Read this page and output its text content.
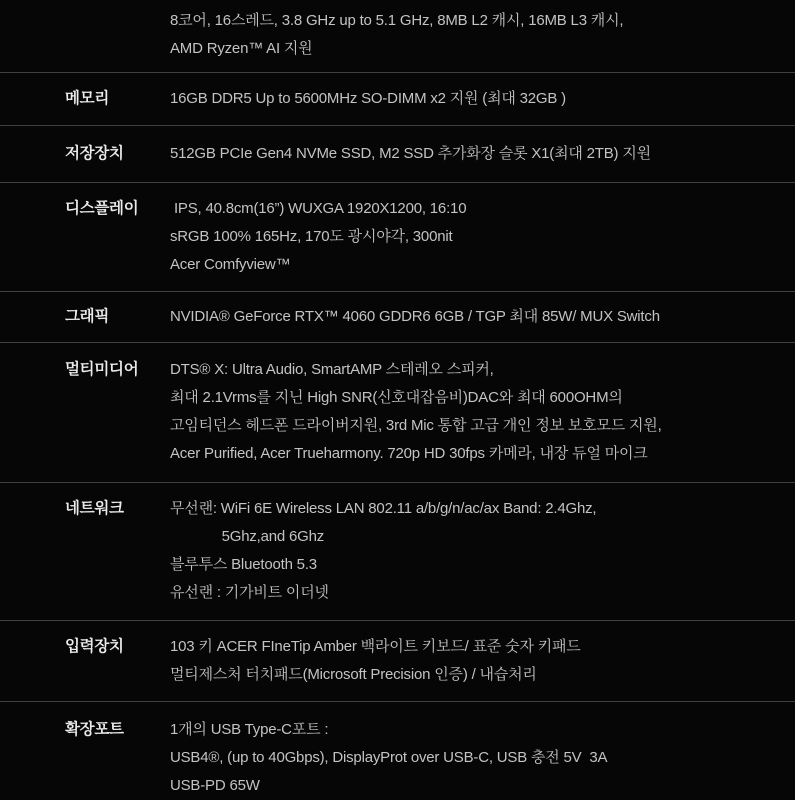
8코어, 16스레드, 3.8 GHz up to 5.1 GHz, 8MB L2 캐시, 16MB L3 캐시,
AMD Ryzen™ AI 지원
메모리	16GB DDR5 Up to 5600MHz SO-DIMM x2 지원 (최대 32GB )
저장장치	512GB PCIe Gen4 NVMe SSD, M2 SSD 추가화장 슬롯 X1(최대 2TB) 지원
디스플레이	IPS, 40.8cm(16”) WUXGA 1920X1200, 16:10
sRGB 100% 165Hz, 170도 광시야각, 300nit
Acer Comfyview™
그래픽	NVIDIA® GeForce RTX™ 4060 GDDR6 6GB / TGP 최대 85W/ MUX Switch
멀티미디어	DTS® X: Ultra Audio, SmartAMP 스테레오 스피커,
최대 2.1Vrms를 지닌 High SNR(신호대잡음비)DAC와 최대 600OHM의
고임티던스 헤드폰 드라이버지원, 3rd Mic 통합 고급 개인 정보 보호모드 지원,
Acer Purified, Acer Trueharmony. 720p HD 30fps 카메라, 내장 듀얼 마이크
네트워크	무선랜: WiFi 6E Wireless LAN 802.11 a/b/g/n/ac/ax Band: 2.4Ghz,
5Ghz,and 6Ghz
블루투스 Bluetooth 5.3
유선랜 : 기가비트 이더넷
입력장치	103 키 ACER FIneTip Amber 백라이트 키보드/ 표준 숫자 키패드
멀티제스처 터치패드(Microsoft Precision 인증) / 내습처리
확장포트	1개의 USB Type-C포트 :
USB4®, (up to 40Gbps), DisplayProt over USB-C, USB 충전 5V  3A
USB-PD 65W
